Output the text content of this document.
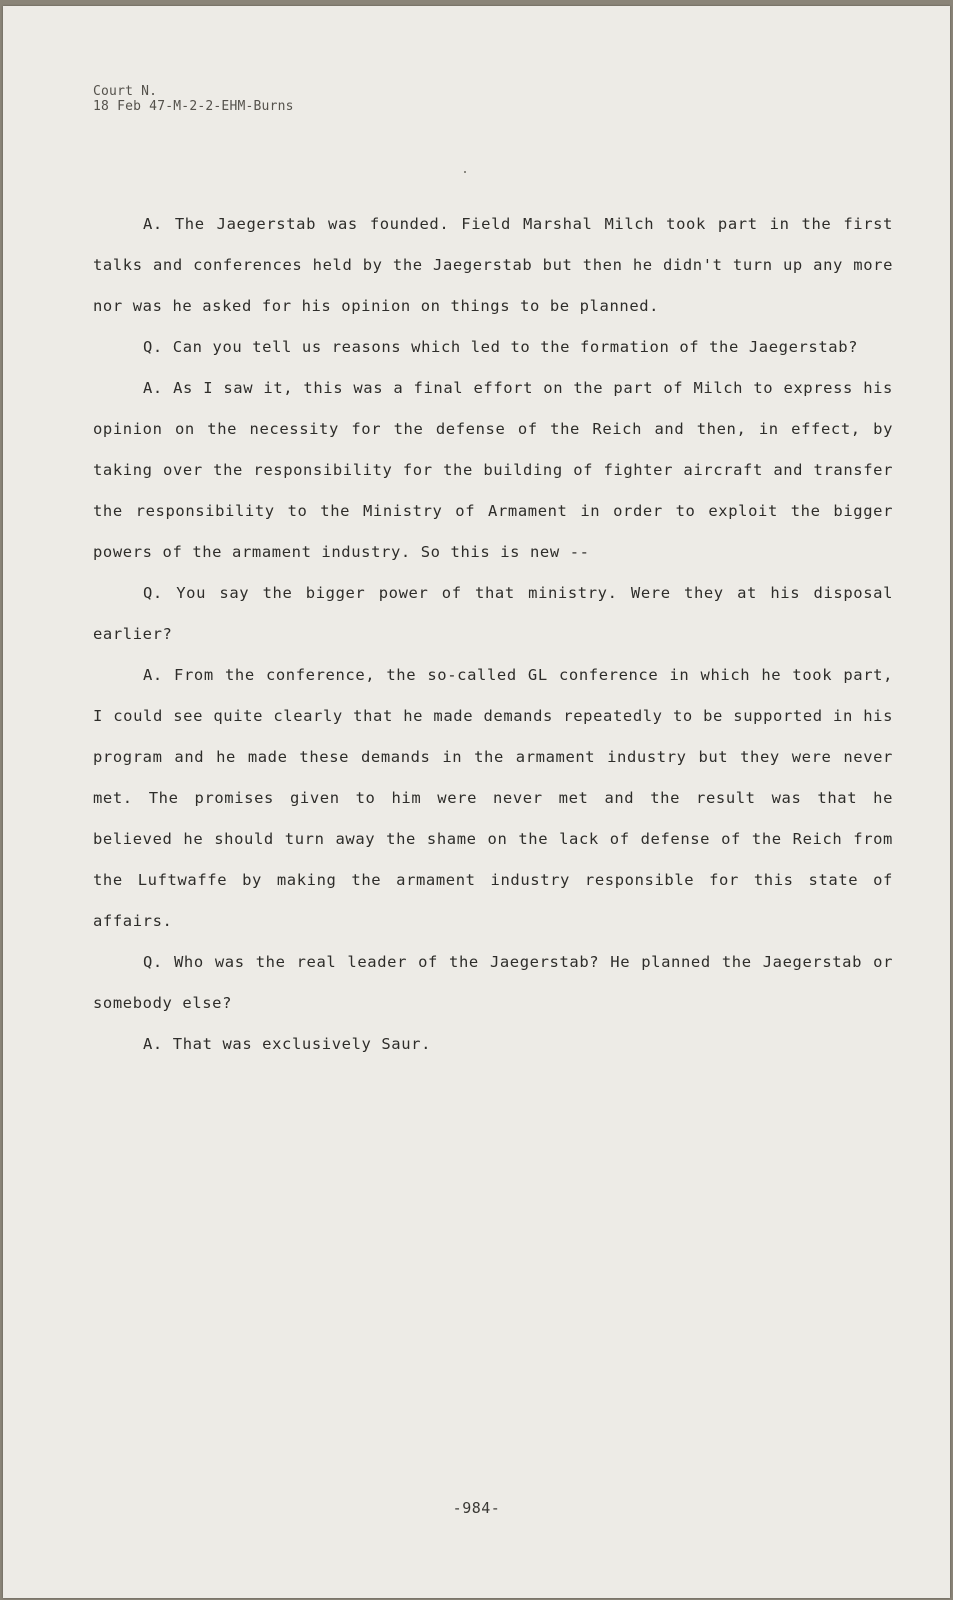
Court N.
18 Feb 47-M-2-2-EHM-Burns

A. The Jaegerstab was founded. Field Marshal Milch took part in the first talks and conferences held by the Jaegerstab but then he didn't turn up any more nor was he asked for his opinion on things to be planned.

Q. Can you tell us reasons which led to the formation of the Jaegerstab?

A. As I saw it, this was a final effort on the part of Milch to express his opinion on the necessity for the defense of the Reich and then, in effect, by taking over the responsibility for the building of fighter aircraft and transfer the responsibility to the Ministry of Armament in order to exploit the bigger powers of the armament industry. So this is new --

Q. You say the bigger power of that ministry. Were they at his disposal earlier?

A. From the conference, the so-called GL conference in which he took part, I could see quite clearly that he made demands repeatedly to be supported in his program and he made these demands in the armament industry but they were never met. The promises given to him were never met and the result was that he believed he should turn away the shame on the lack of defense of the Reich from the Luftwaffe by making the armament industry responsible for this state of affairs.

Q. Who was the real leader of the Jaegerstab? He planned the Jaegerstab or somebody else?

A. That was exclusively Saur.

-984-
